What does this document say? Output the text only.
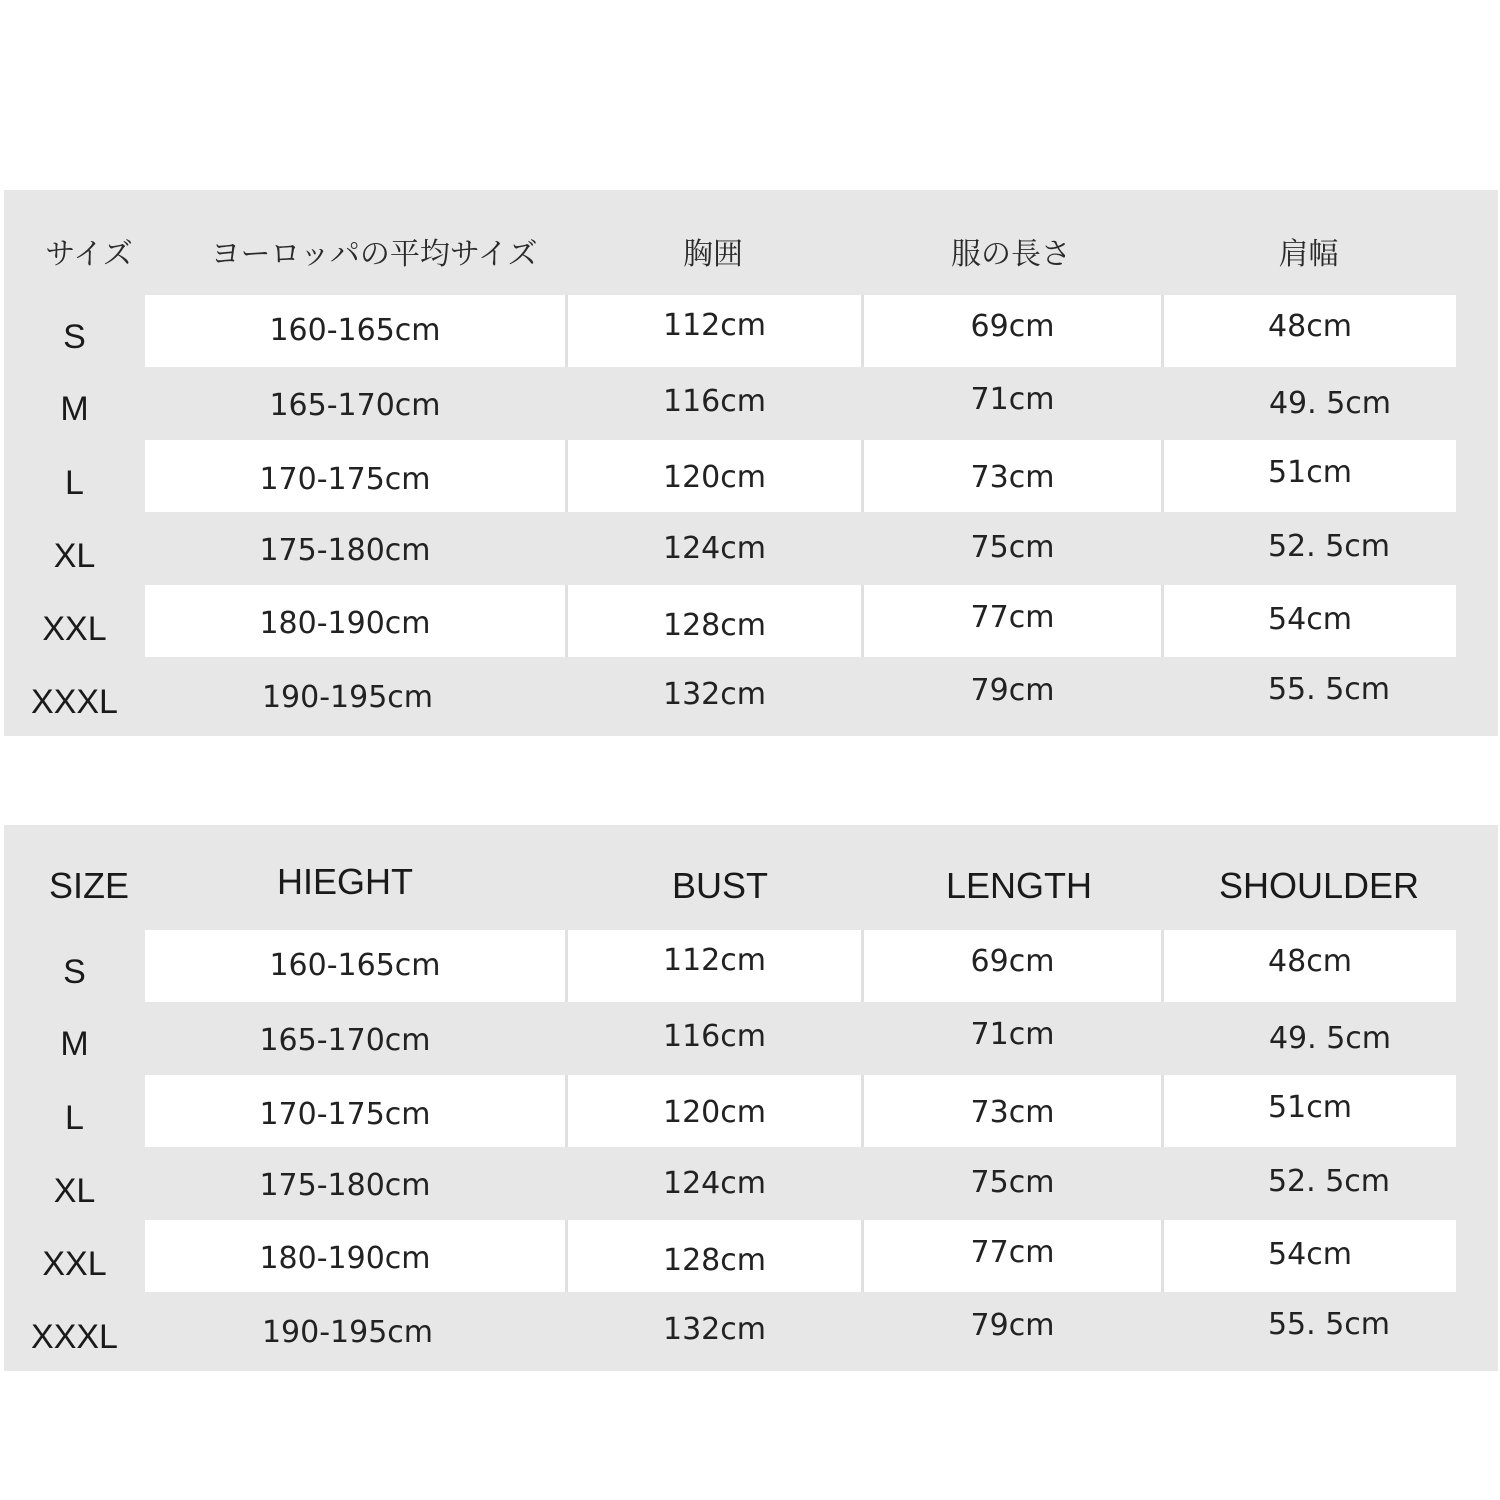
サイズ	ヨーロッパの平均サイズ	胸囲	服の長さ	肩幅
S	160-165cm	112cm	69cm	48cm
M	165-170cm	116cm	71cm	49. 5cm
L	170-175cm	120cm	73cm	51cm
XL	175-180cm	124cm	75cm	52. 5cm
XXL	180-190cm	128cm	77cm	54cm
XXXL	190-195cm	132cm	79cm	55. 5cm
SIZE	HIEGHT	BUST	LENGTH	SHOULDER
S	160-165cm	112cm	69cm	48cm
M	165-170cm	116cm	71cm	49. 5cm
L	170-175cm	120cm	73cm	51cm
XL	175-180cm	124cm	75cm	52. 5cm
XXL	180-190cm	128cm	77cm	54cm
XXXL	190-195cm	132cm	79cm	55. 5cm
